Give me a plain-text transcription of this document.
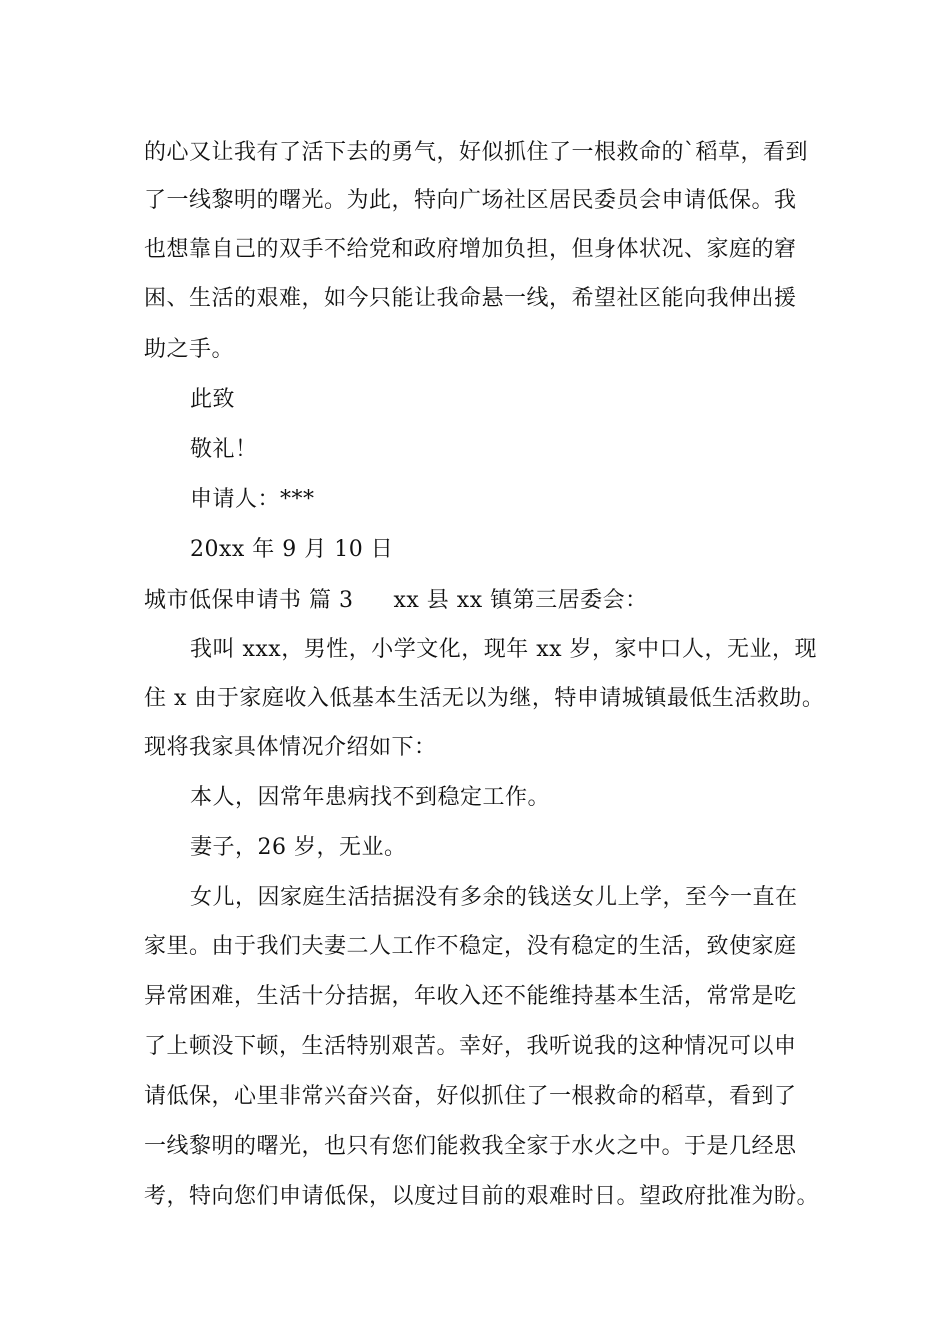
的心又让我有了活下去的勇气，好似抓住了一根救命的`稻草，看到
了一线黎明的曙光。为此，特向广场社区居民委员会申请低保。我
也想靠自己的双手不给党和政府增加负担，但身体状况、家庭的窘
困、生活的艰难，如今只能让我命悬一线，希望社区能向我伸出援
助之手。
此致
敬礼！
申请人：***
20xx 年 9 月 10 日
城市低保申请书 篇 3 xx 县 xx 镇第三居委会：
我叫 xxx，男性，小学文化，现年 xx 岁，家中口人，无业，现
住 x 由于家庭收入低基本生活无以为继，特申请城镇最低生活救助。
现将我家具体情况介绍如下：
本人，因常年患病找不到稳定工作。
妻子，26 岁，无业。
女儿，因家庭生活拮据没有多余的钱送女儿上学，至今一直在
家里。由于我们夫妻二人工作不稳定，没有稳定的生活，致使家庭
异常困难，生活十分拮据，年收入还不能维持基本生活，常常是吃
了上顿没下顿，生活特别艰苦。幸好，我听说我的这种情况可以申
请低保，心里非常兴奋兴奋，好似抓住了一根救命的稻草，看到了
一线黎明的曙光，也只有您们能救我全家于水火之中。于是几经思
考，特向您们申请低保，以度过目前的艰难时日。望政府批准为盼。
